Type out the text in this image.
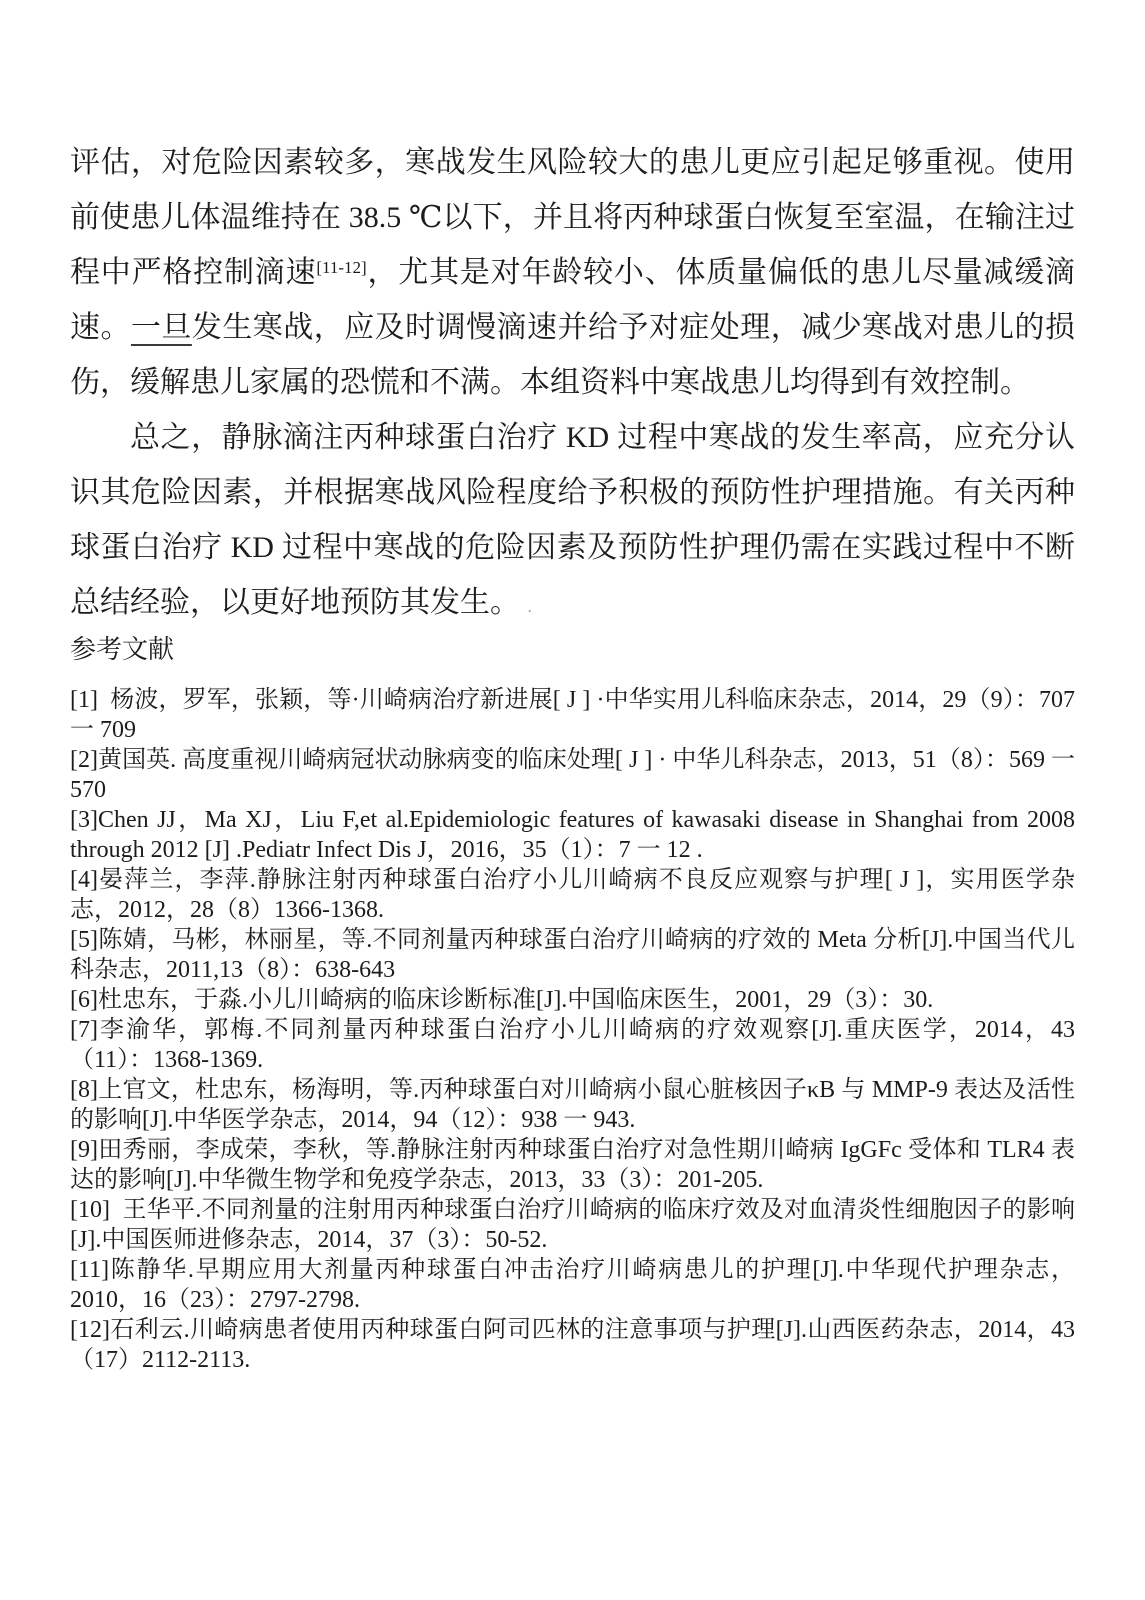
评估，对危险因素较多，寒战发生风险较大的患儿更应引起足够重视。使用前使患儿体温维持在 38.5 ℃以下，并且将丙种球蛋白恢复至室温，在输注过程中严格控制滴速[11-12]，尤其是对年龄较小、体质量偏低的患儿尽量减缓滴速。一旦发生寒战，应及时调慢滴速并给予对症处理，减少寒战对患儿的损伤，缓解患儿家属的恐慌和不满。本组资料中寒战患儿均得到有效控制。

总之，静脉滴注丙种球蛋白治疗 KD 过程中寒战的发生率高，应充分认识其危险因素，并根据寒战风险程度给予积极的预防性护理措施。有关丙种球蛋白治疗 KD 过程中寒战的危险因素及预防性护理仍需在实践过程中不断总结经验，以更好地预防其发生。 .

参考文献

[1]  杨波，罗军，张颖，等·川崎病治疗新进展[ J ] ·中华实用儿科临床杂志，2014，29（9）：707 一 709

[2]黄国英. 高度重视川崎病冠状动脉病变的临床处理[ J ] · 中华儿科杂志，2013，51（8）：569 一 570

[3]Chen JJ，Ma XJ，Liu F,et al.Epidemiologic features of kawasaki disease in Shanghai from 2008 through 2012 [J] .Pediatr Infect Dis J，2016，35（1）：7 一 12 .

[4]晏萍兰，李萍.静脉注射丙种球蛋白治疗小儿川崎病不良反应观察与护理[ J ]，实用医学杂志，2012，28（8）1366-1368.

[5]陈婧，马彬，林丽星，等.不同剂量丙种球蛋白治疗川崎病的疗效的 Meta 分析[J].中国当代儿科杂志，2011,13（8）：638-643

[6]杜忠东，于淼.小儿川崎病的临床诊断标准[J].中国临床医生，2001，29（3）：30.

[7]李渝华，郭梅.不同剂量丙种球蛋白治疗小儿川崎病的疗效观察[J].重庆医学，2014，43（11）：1368-1369.

[8]上官文，杜忠东，杨海明，等.丙种球蛋白对川崎病小鼠心脏核因子κB 与 MMP-9 表达及活性的影响[J].中华医学杂志，2014，94（12）：938 一 943.

[9]田秀丽，李成荣，李秋，等.静脉注射丙种球蛋白治疗对急性期川崎病 IgGFc 受体和 TLR4 表达的影响[J].中华微生物学和免疫学杂志，2013，33（3）：201-205.

[10]  王华平.不同剂量的注射用丙种球蛋白治疗川崎病的临床疗效及对血清炎性细胞因子的影响[J].中国医师进修杂志，2014，37（3）：50-52.

[11]陈静华.早期应用大剂量丙种球蛋白冲击治疗川崎病患儿的护理[J].中华现代护理杂志，2010，16（23）：2797-2798.

[12]石利云.川崎病患者使用丙种球蛋白阿司匹林的注意事项与护理[J].山西医药杂志，2014，43（17）2112-2113.
